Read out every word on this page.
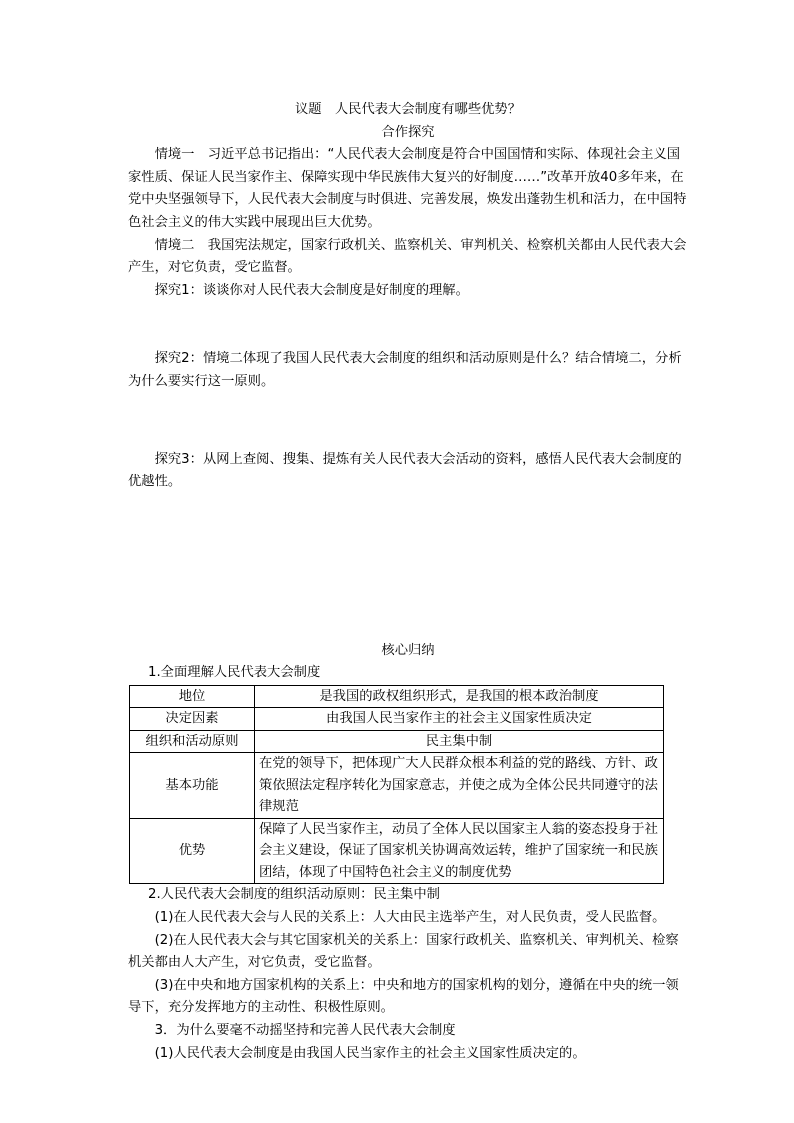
议题　人民代表大会制度有哪些优势？

合作探究

情境一　习近平总书记指出：“人民代表大会制度是符合中国国情和实际、体现社会主义国家性质、保证人民当家作主、保障实现中华民族伟大复兴的好制度……”改革开放40多年来，在党中央坚强领导下，人民代表大会制度与时俱进、完善发展，焕发出蓬勃生机和活力，在中国特色社会主义的伟大实践中展现出巨大优势。

情境二　我国宪法规定，国家行政机关、监察机关、审判机关、检察机关都由人民代表大会产生，对它负责，受它监督。

探究1：谈谈你对人民代表大会制度是好制度的理解。

探究2：情境二体现了我国人民代表大会制度的组织和活动原则是什么？结合情境二，分析为什么要实行这一原则。

探究3：从网上查阅、搜集、提炼有关人民代表大会活动的资料，感悟人民代表大会制度的优越性。

核心归纳

1.全面理解人民代表大会制度

地位	是我国的政权组织形式，是我国的根本政治制度
决定因素	由我国人民当家作主的社会主义国家性质决定
组织和活动原则	民主集中制
基本功能	在党的领导下，把体现广大人民群众根本利益的党的路线、方针、政策依照法定程序转化为国家意志，并使之成为全体公民共同遵守的法律规范
优势	保障了人民当家作主，动员了全体人民以国家主人翁的姿态投身于社会主义建设，保证了国家机关协调高效运转，维护了国家统一和民族团结，体现了中国特色社会主义的制度优势

2.人民代表大会制度的组织活动原则：民主集中制

(1)在人民代表大会与人民的关系上：人大由民主选举产生，对人民负责，受人民监督。

(2)在人民代表大会与其它国家机关的关系上：国家行政机关、监察机关、审判机关、检察机关都由人大产生，对它负责，受它监督。

(3)在中央和地方国家机构的关系上：中央和地方的国家机构的划分，遵循在中央的统一领导下，充分发挥地方的主动性、积极性原则。

3．为什么要毫不动摇坚持和完善人民代表大会制度

(1)人民代表大会制度是由我国人民当家作主的社会主义国家性质决定的。
